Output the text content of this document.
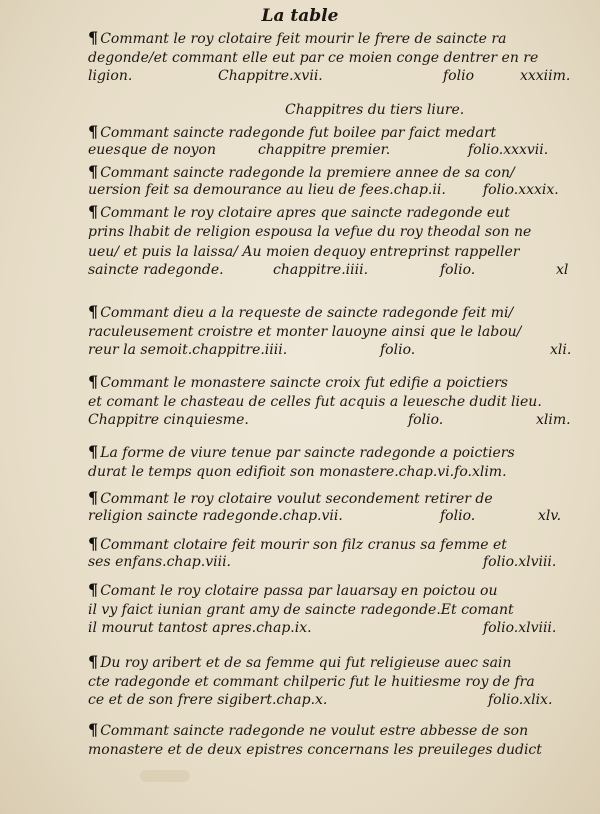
La table
¶ Commant le roy clotaire feit mourir le frere de saincte ra
degonde/et commant elle eut par ce moien conge dentrer en re
ligion.	Chappitre.xvii.	folio	xxxiim.
Chappitres du tiers liure.
¶ Commant saincte radegonde fut boilee par faict medart
euesque de noyon	chappitre premier.	folio.xxxvii.
¶ Commant saincte radegonde la premiere annee de sa con/
uersion feit sa demourance au lieu de fees.chap.ii.	folio.xxxix.
¶ Commant le roy clotaire apres que saincte radegonde eut
prins lhabit de religion espousa la vefue du roy theodal son ne
ueu/ et puis la laissa/ Au moien dequoy entreprinst rappeller
saincte radegonde.	chappitre.iiii.	folio.	xl
¶ Commant dieu a la requeste de saincte radegonde feit mi/
raculeusement croistre et monter lauoyne ainsi que le labou/
reur la semoit.chappitre.iiii.	folio.	xli.
¶ Commant le monastere saincte croix fut edifie a poictiers
et comant le chasteau de celles fut acquis a leuesche dudit lieu.
Chappitre cinquiesme.	folio.	xlim.
¶ La forme de viure tenue par saincte radegonde a poictiers
durat le temps quon edifioit son monastere.chap.vi.fo.xlim.
¶ Commant le roy clotaire voulut secondement retirer de
religion saincte radegonde.chap.vii.	folio.	xlv.
¶ Commant clotaire feit mourir son filz cranus sa femme et
ses enfans.chap.viii.	folio.xlviii.
¶ Comant le roy clotaire passa par lauarsay en poictou ou
il vy faict iunian grant amy de saincte radegonde.Et comant
il mourut tantost apres.chap.ix.	folio.xlviii.
¶ Du roy aribert et de sa femme qui fut religieuse auec sain
cte radegonde et commant chilperic fut le huitiesme roy de fra
ce et de son frere sigibert.chap.x.	folio.xlix.
¶ Commant saincte radegonde ne voulut estre abbesse de son
monastere et de deux epistres concernans les preuileges dudict
